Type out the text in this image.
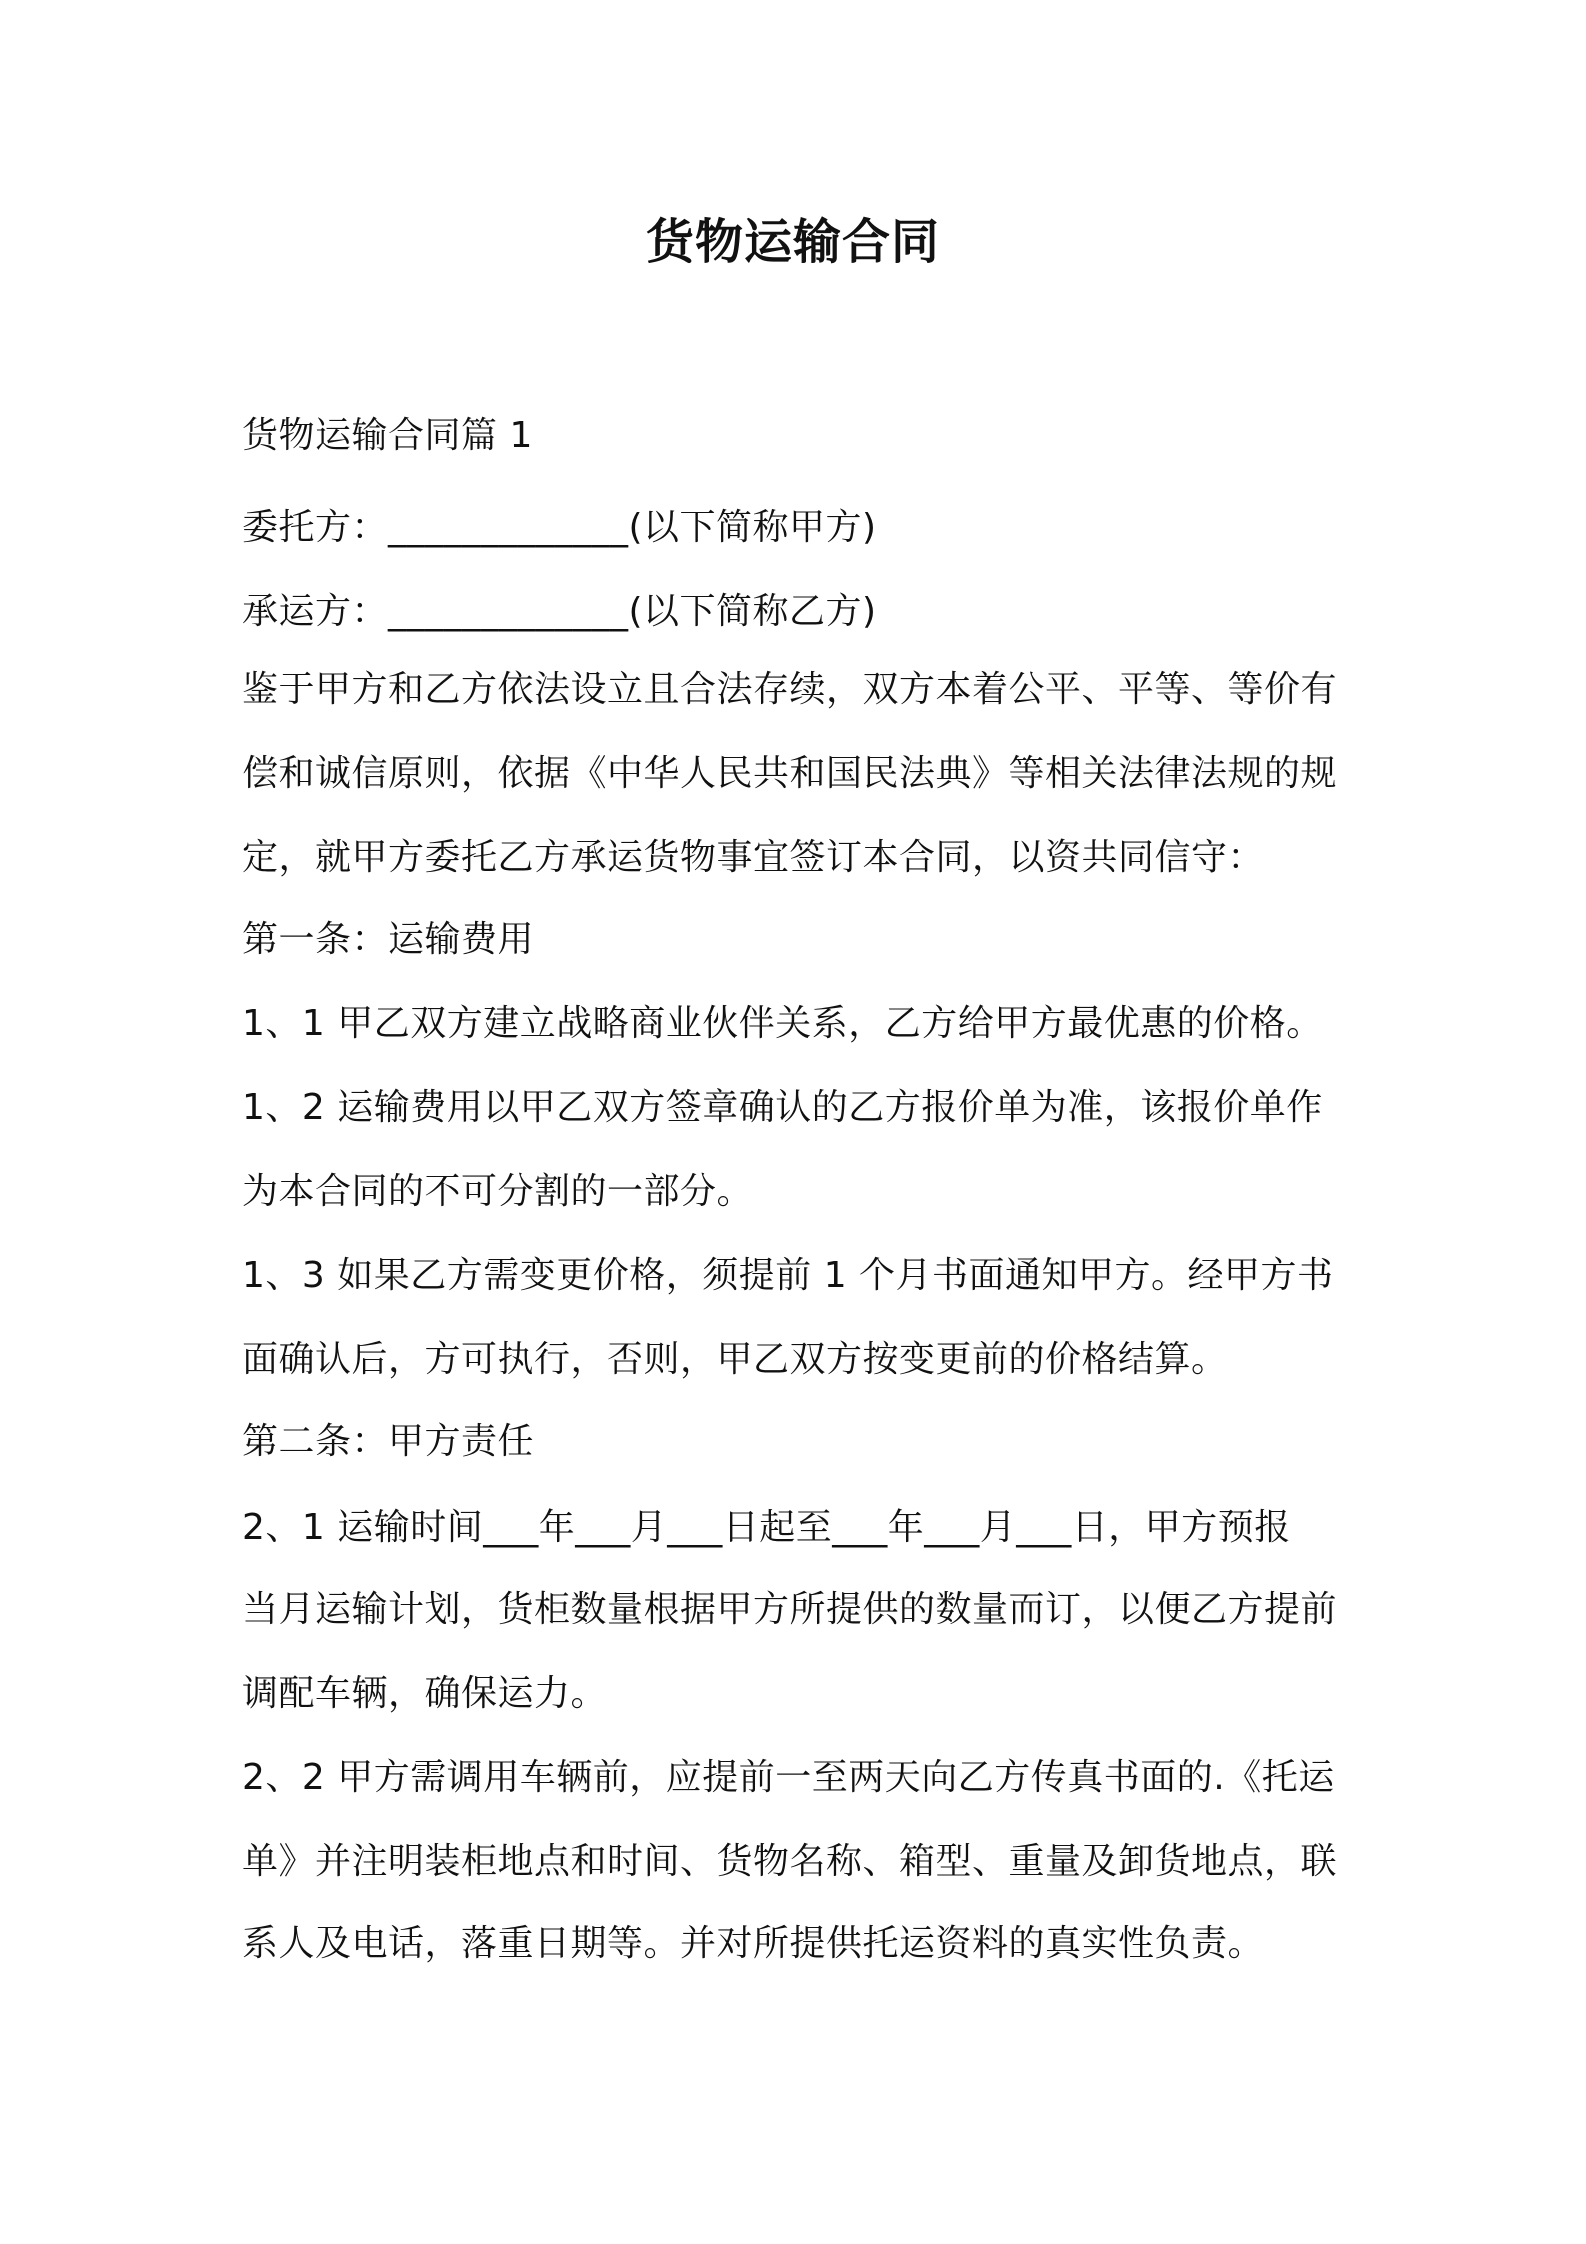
货物运输合同
货物运输合同篇 1
委托方：_____________(以下简称甲方)
承运方：_____________(以下简称乙方)
鉴于甲方和乙方依法设立且合法存续，双方本着公平、平等、等价有
偿和诚信原则，依据《中华人民共和国民法典》等相关法律法规的规
定，就甲方委托乙方承运货物事宜签订本合同，以资共同信守：
第一条：运输费用
1、1 甲乙双方建立战略商业伙伴关系，乙方给甲方最优惠的价格。
1、2 运输费用以甲乙双方签章确认的乙方报价单为准，该报价单作
为本合同的不可分割的一部分。
1、3 如果乙方需变更价格，须提前 1 个月书面通知甲方。经甲方书
面确认后，方可执行，否则，甲乙双方按变更前的价格结算。
第二条：甲方责任
2、1 运输时间___年___月___日起至___年___月___日，甲方预报
当月运输计划，货柜数量根据甲方所提供的数量而订，以便乙方提前
调配车辆，确保运力。
2、2 甲方需调用车辆前，应提前一至两天向乙方传真书面的.《托运
单》并注明装柜地点和时间、货物名称、箱型、重量及卸货地点，联
系人及电话，落重日期等。并对所提供托运资料的真实性负责。
